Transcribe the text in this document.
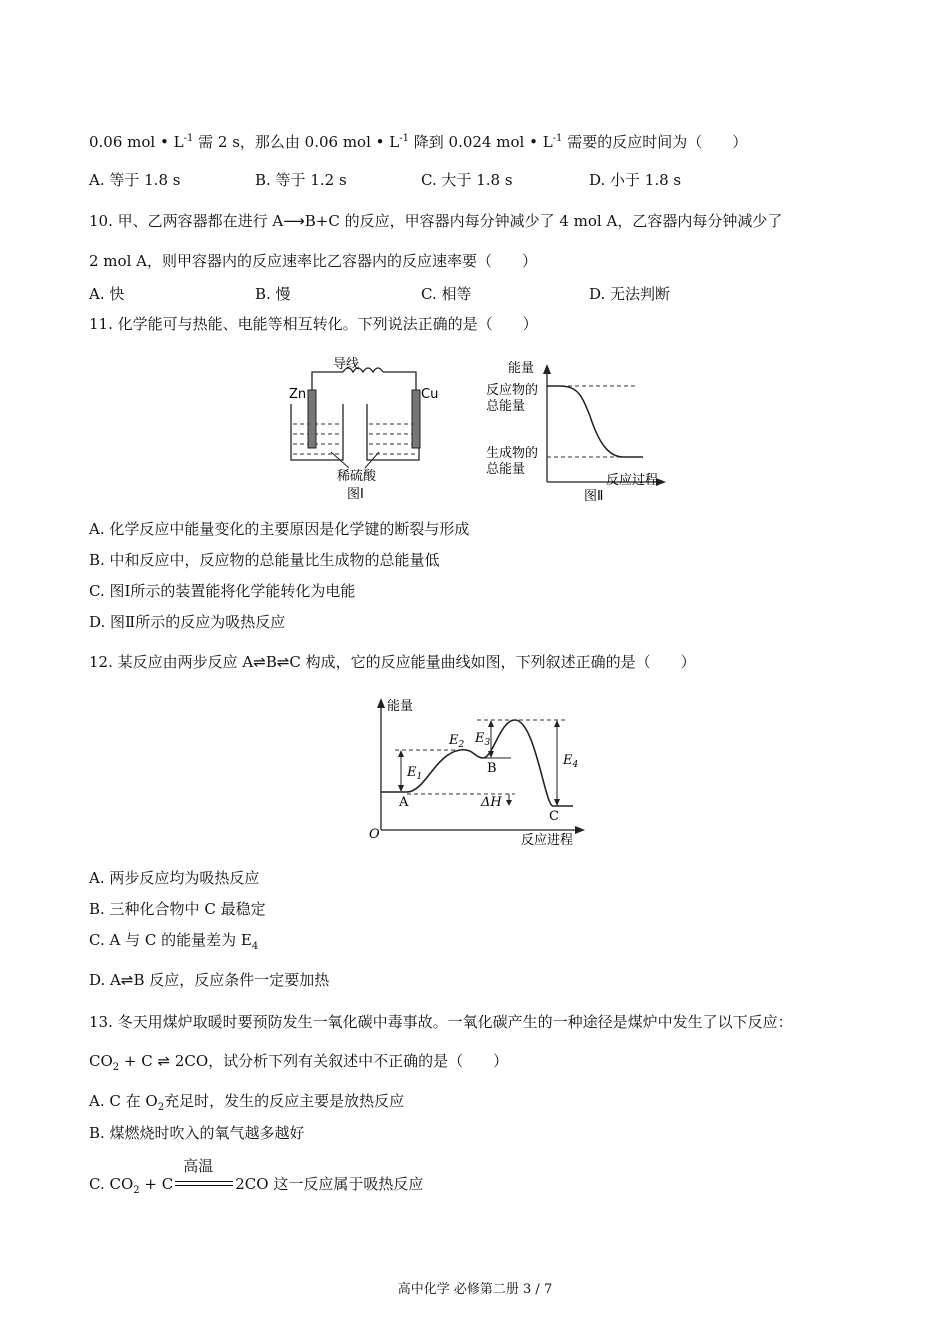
0.06 mol • $L^{-1}$ 需 2 s，那么由 0.06 mol • $L^{-1}$ 降到 0.024 mol • $L^{-1}$ 需要的反应时间为（　　）
A. 等于 1.8 s	B. 等于 1.2 s	C. 大于 1.8 s	D. 小于 1.8 s
10. 甲、乙两容器都在进行 A⟶B+C 的反应，甲容器内每分钟减少了 4 mol A，乙容器内每分钟减少了
2 mol A，则甲容器内的反应速率比乙容器内的反应速率要（　　）
A. 快	B. 慢	C. 相等	D. 无法判断
11. 化学能可与热能、电能等相互转化。下列说法正确的是（　　）
导线
Zn	Cu
稀硫酸
图Ⅰ
能量
反应物的
总能量
生成物的
总能量
反应过程
图Ⅱ
A. 化学反应中能量变化的主要原因是化学键的断裂与形成
B. 中和反应中，反应物的总能量比生成物的总能量低
C. 图Ⅰ所示的装置能将化学能转化为电能
D. 图Ⅱ所示的反应为吸热反应
12. 某反应由两步反应 A⇌B⇌C 构成，它的反应能量曲线如图，下列叙述正确的是（　　）
能量
反应进程
O
$E_1$
$E_2$ $E_3$
$E_4$
A
B
C
ΔH
A. 两步反应均为吸热反应
B. 三种化合物中 C 最稳定
C. A 与 C 的能量差为 $E_4$
D. A⇌B 反应，反应条件一定要加热
13. 冬天用煤炉取暖时要预防发生一氧化碳中毒事故。一氧化碳产生的一种途径是煤炉中发生了以下反应：
$CO_2 + C$ ⇌ 2CO，试分析下列有关叙述中不正确的是（　　）
A. C 在 $O_2$充足时，发生的反应主要是放热反应
B. 煤燃烧时吹入的氧气越多越好
C. $CO_2 + C$
高温
2CO 这一反应属于吸热反应
高中化学 必修第二册 3 / 7
